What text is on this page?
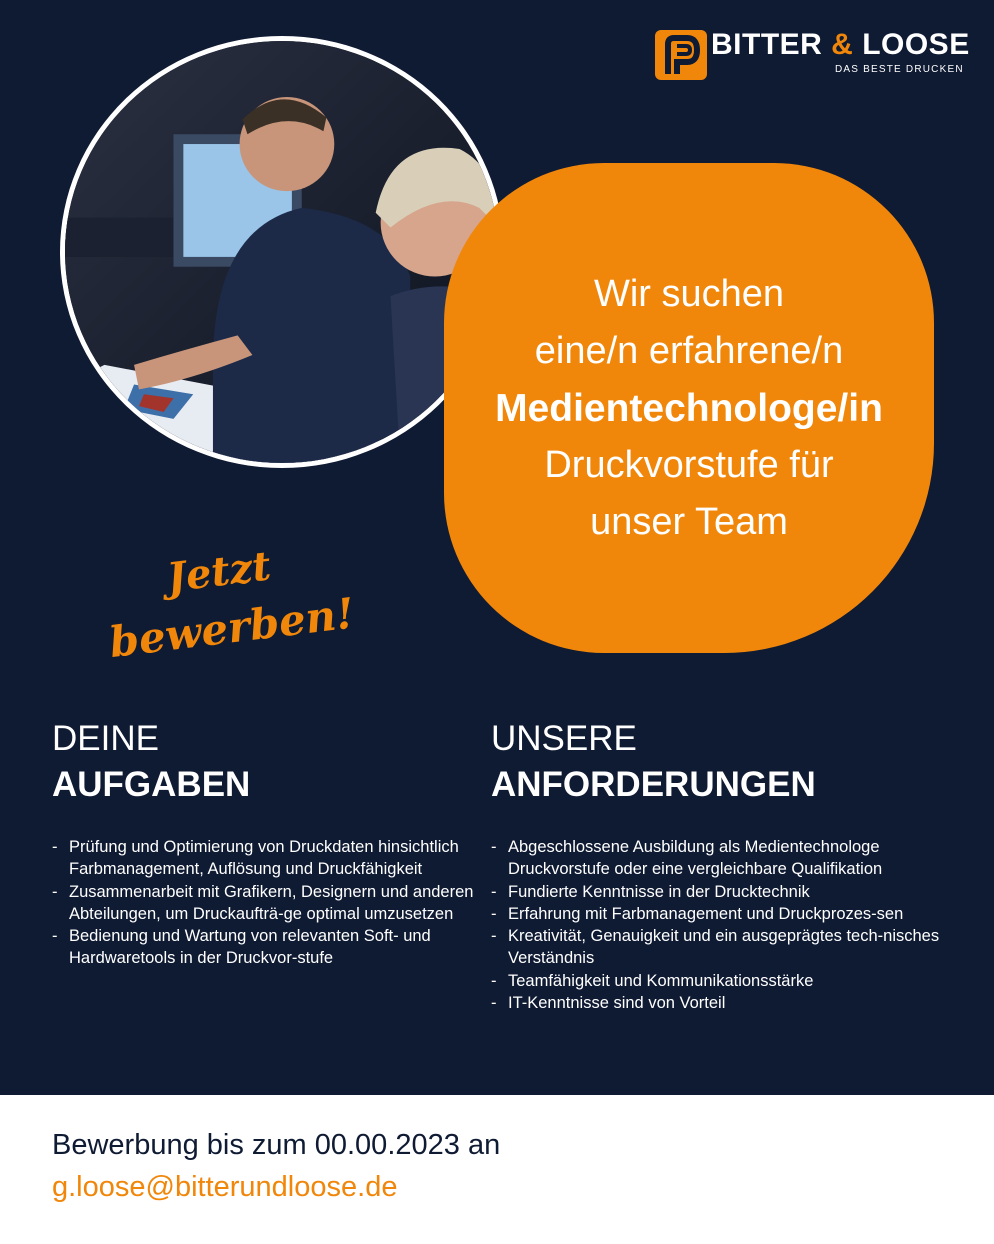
BITTER & LOOSE
DAS BESTE DRUCKEN
Wir suchen
eine/n erfahrene/n
Medientechnologe/in
Druckvorstufe für
unser Team
Jetzt
bewerben!
DEINE
AUFGABEN
- Prüfung und Optimierung von Druckdaten hinsichtlich Farbmanagement, Auflösung und Druckfähigkeit
- Zusammenarbeit mit Grafikern, Designern und anderen Abteilungen, um Druckaufträ-ge optimal umzusetzen
- Bedienung und Wartung von relevanten Soft- und Hardwaretools in der Druckvor-stufe
UNSERE
ANFORDERUNGEN
- Abgeschlossene Ausbildung als Medientechnologe Druckvorstufe oder eine vergleichbare Qualifikation
- Fundierte Kenntnisse in der Drucktechnik
- Erfahrung mit Farbmanagement und Druckprozes-sen
- Kreativität, Genauigkeit und ein ausgeprägtes tech-nisches Verständnis
- Teamfähigkeit und Kommunikationsstärke
- IT-Kenntnisse sind von Vorteil
Bewerbung bis zum 00.00.2023 an
g.loose@bitterundloose.de
